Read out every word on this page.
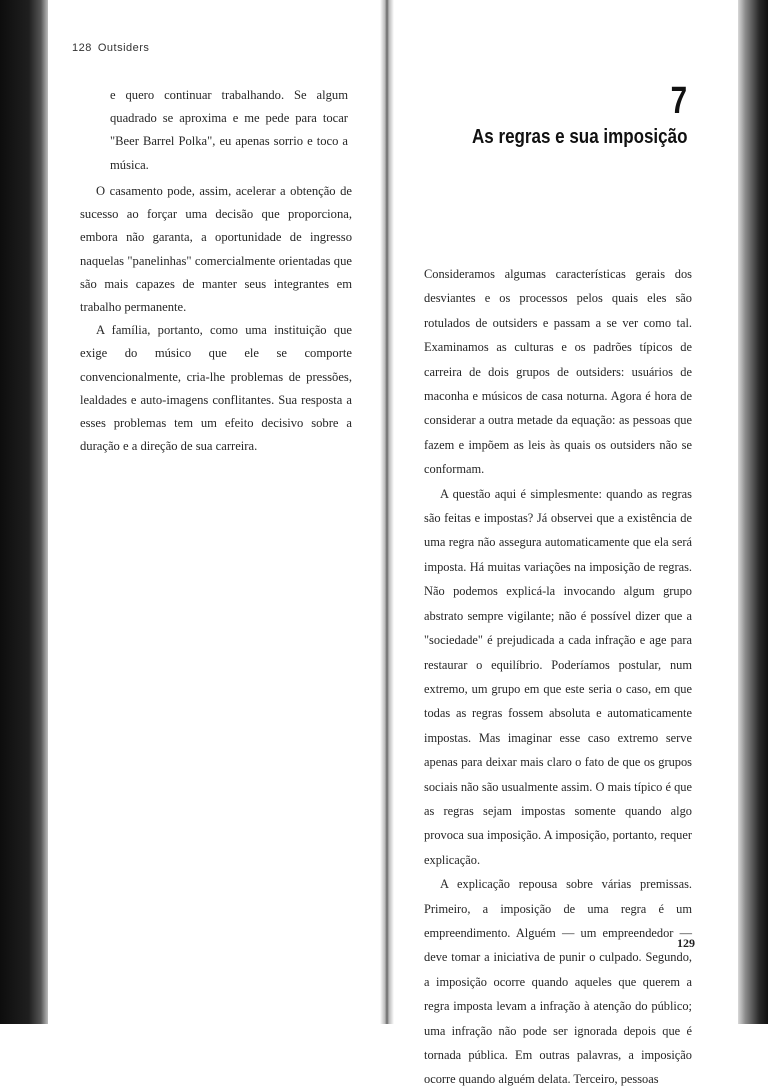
128 Outsiders

e quero continuar trabalhando. Se algum quadrado se aproxima e me pede para tocar "Beer Barrel Polka", eu apenas sorrio e toco a música.

O casamento pode, assim, acelerar a obtenção de sucesso ao forçar uma decisão que proporciona, embora não garanta, a oportunidade de ingresso naquelas "panelinhas" comercialmente orientadas que são mais capazes de manter seus integrantes em trabalho permanente.

A família, portanto, como uma instituição que exige do músico que ele se comporte convencionalmente, cria-lhe problemas de pressões, lealdades e auto-imagens conflitantes. Sua resposta a esses problemas tem um efeito decisivo sobre a duração e a direção de sua carreira.

7
As regras e sua imposição

Consideramos algumas características gerais dos desviantes e os processos pelos quais eles são rotulados de outsiders e passam a se ver como tal. Examinamos as culturas e os padrões típicos de carreira de dois grupos de outsiders: usuários de maconha e músicos de casa noturna. Agora é hora de considerar a outra metade da equação: as pessoas que fazem e impõem as leis às quais os outsiders não se conformam.

A questão aqui é simplesmente: quando as regras são feitas e impostas? Já observei que a existência de uma regra não assegura automaticamente que ela será imposta. Há muitas variações na imposição de regras. Não podemos explicá-la invocando algum grupo abstrato sempre vigilante; não é possível dizer que a "sociedade" é prejudicada a cada infração e age para restaurar o equilíbrio. Poderíamos postular, num extremo, um grupo em que este seria o caso, em que todas as regras fossem absoluta e automaticamente impostas. Mas imaginar esse caso extremo serve apenas para deixar mais claro o fato de que os grupos sociais não são usualmente assim. O mais típico é que as regras sejam impostas somente quando algo provoca sua imposição. A imposição, portanto, requer explicação.

A explicação repousa sobre várias premissas. Primeiro, a imposição de uma regra é um empreendimento. Alguém — um empreendedor — deve tomar a iniciativa de punir o culpado. Segundo, a imposição ocorre quando aqueles que querem a regra imposta levam a infração à atenção do público; uma infração não pode ser ignorada depois que é tornada pública. Em outras palavras, a imposição ocorre quando alguém delata. Terceiro, pessoas

129
